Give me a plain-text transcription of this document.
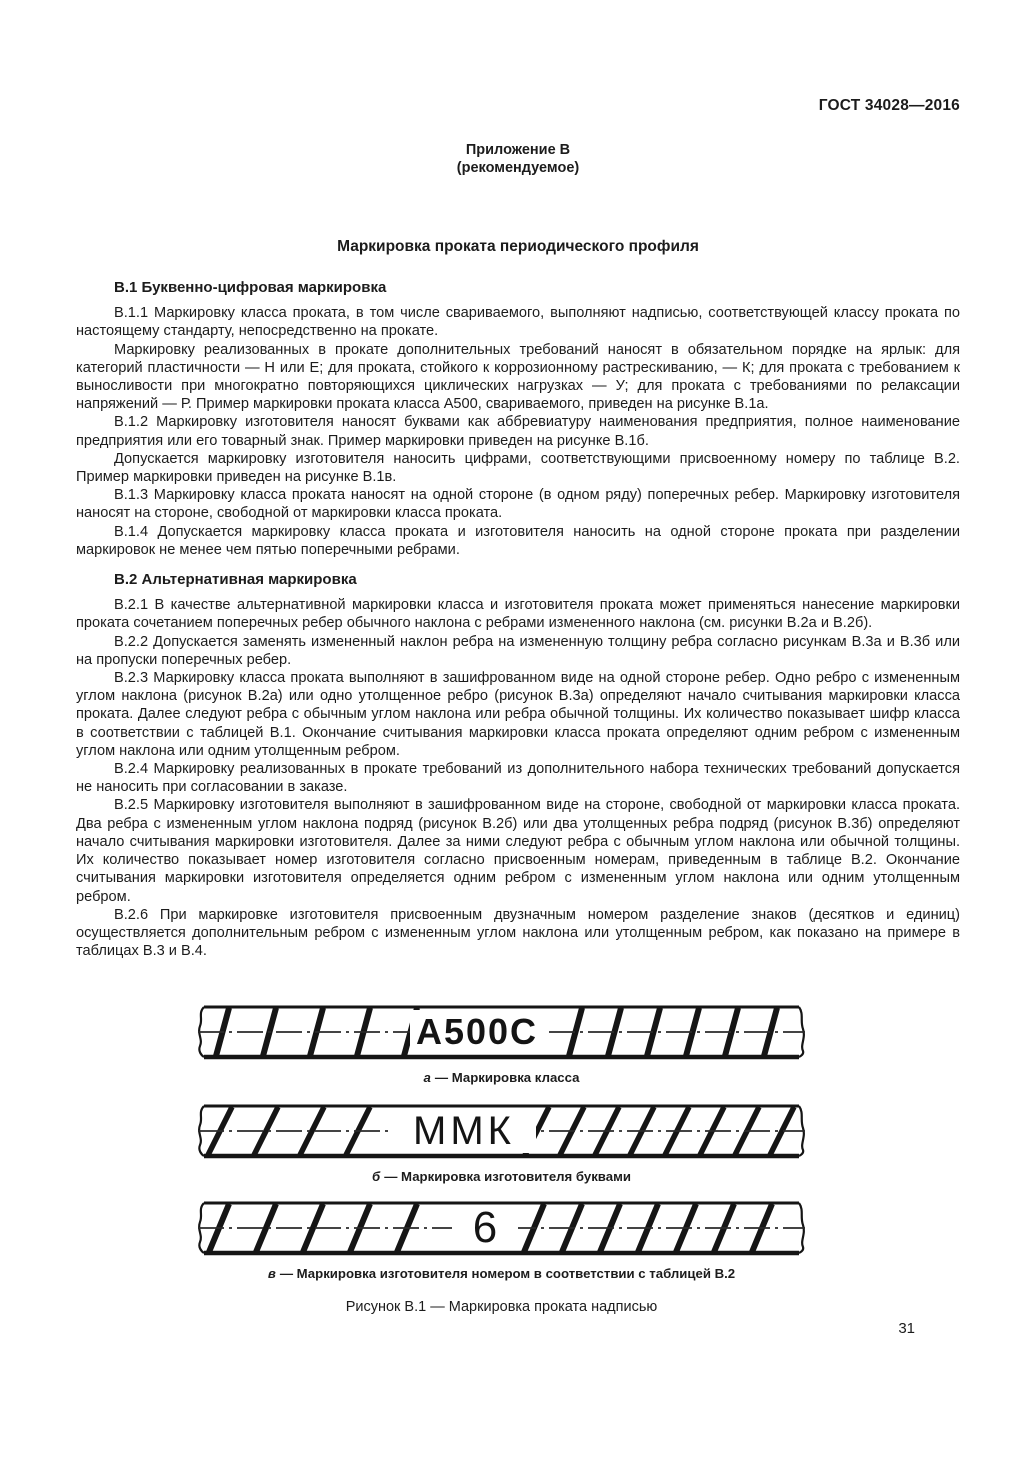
ГОСТ 34028—2016
Приложение В
(рекомендуемое)
Маркировка проката периодического профиля
В.1 Буквенно-цифровая маркировка

В.1.1 Маркировку класса проката, в том числе свариваемого, выполняют надписью, соответствующей классу проката по настоящему стандарту, непосредственно на прокате.

Маркировку реализованных в прокате дополнительных требований наносят в обязательном порядке на ярлык: для категорий пластичности — Н или Е; для проката, стойкого к коррозионному растрескиванию, — К; для проката с требованием к выносливости при многократно повторяющихся циклических нагрузках — У; для проката с требованиями по релаксации напряжений — Р. Пример маркировки проката класса А500, свариваемого, приведен на рисунке В.1а.

В.1.2 Маркировку изготовителя наносят буквами как аббревиатуру наименования предприятия, полное наименование предприятия или его товарный знак. Пример маркировки приведен на рисунке В.1б.

Допускается маркировку изготовителя наносить цифрами, соответствующими присвоенному номеру по таблице В.2. Пример маркировки приведен на рисунке В.1в.

В.1.3 Маркировку класса проката наносят на одной стороне (в одном ряду) поперечных ребер. Маркировку изготовителя наносят на стороне, свободной от маркировки класса проката.

В.1.4 Допускается маркировку класса проката и изготовителя наносить на одной стороне проката при разделении маркировок не менее чем пятью поперечными ребрами.

В.2 Альтернативная маркировка

В.2.1 В качестве альтернативной маркировки класса и изготовителя проката может применяться нанесение маркировки проката сочетанием поперечных ребер обычного наклона с ребрами измененного наклона (см. рисунки В.2а и В.2б).

В.2.2 Допускается заменять измененный наклон ребра на измененную толщину ребра согласно рисункам В.3а и В.3б или на пропуски поперечных ребер.

В.2.3 Маркировку класса проката выполняют в зашифрованном виде на одной стороне ребер. Одно ребро с измененным углом наклона (рисунок В.2а) или одно утолщенное ребро (рисунок В.3а) определяют начало считывания маркировки класса проката. Далее следуют ребра с обычным углом наклона или ребра обычной толщины. Их количество показывает шифр класса в соответствии с таблицей В.1. Окончание считывания маркировки класса проката определяют одним ребром с измененным углом наклона или одним утолщенным ребром.

В.2.4 Маркировку реализованных в прокате требований из дополнительного набора технических требований допускается не наносить при согласовании в заказе.

В.2.5 Маркировку изготовителя выполняют в зашифрованном виде на стороне, свободной от маркировки класса проката. Два ребра с измененным углом наклона подряд (рисунок В.2б) или два утолщенных ребра подряд (рисунок В.3б) определяют начало считывания маркировки изготовителя. Далее за ними следуют ребра с обычным углом наклона или обычной толщины. Их количество показывает номер изготовителя согласно присвоенным номерам, приведенным в таблице В.2. Окончание считывания маркировки изготовителя определяется одним ребром с измененным углом наклона или одним утолщенным ребром.

В.2.6 При маркировке изготовителя присвоенным двузначным номером разделение знаков (десятков и единиц) осуществляется дополнительным ребром с измененным углом наклона или утолщенным ребром, как показано на примере в таблицах В.3 и В.4.

А500С
а — Маркировка класса
ММК
б — Маркировка изготовителя буквами
6
в — Маркировка изготовителя номером в соответствии с таблицей В.2
Рисунок В.1 — Маркировка проката надписью
31
